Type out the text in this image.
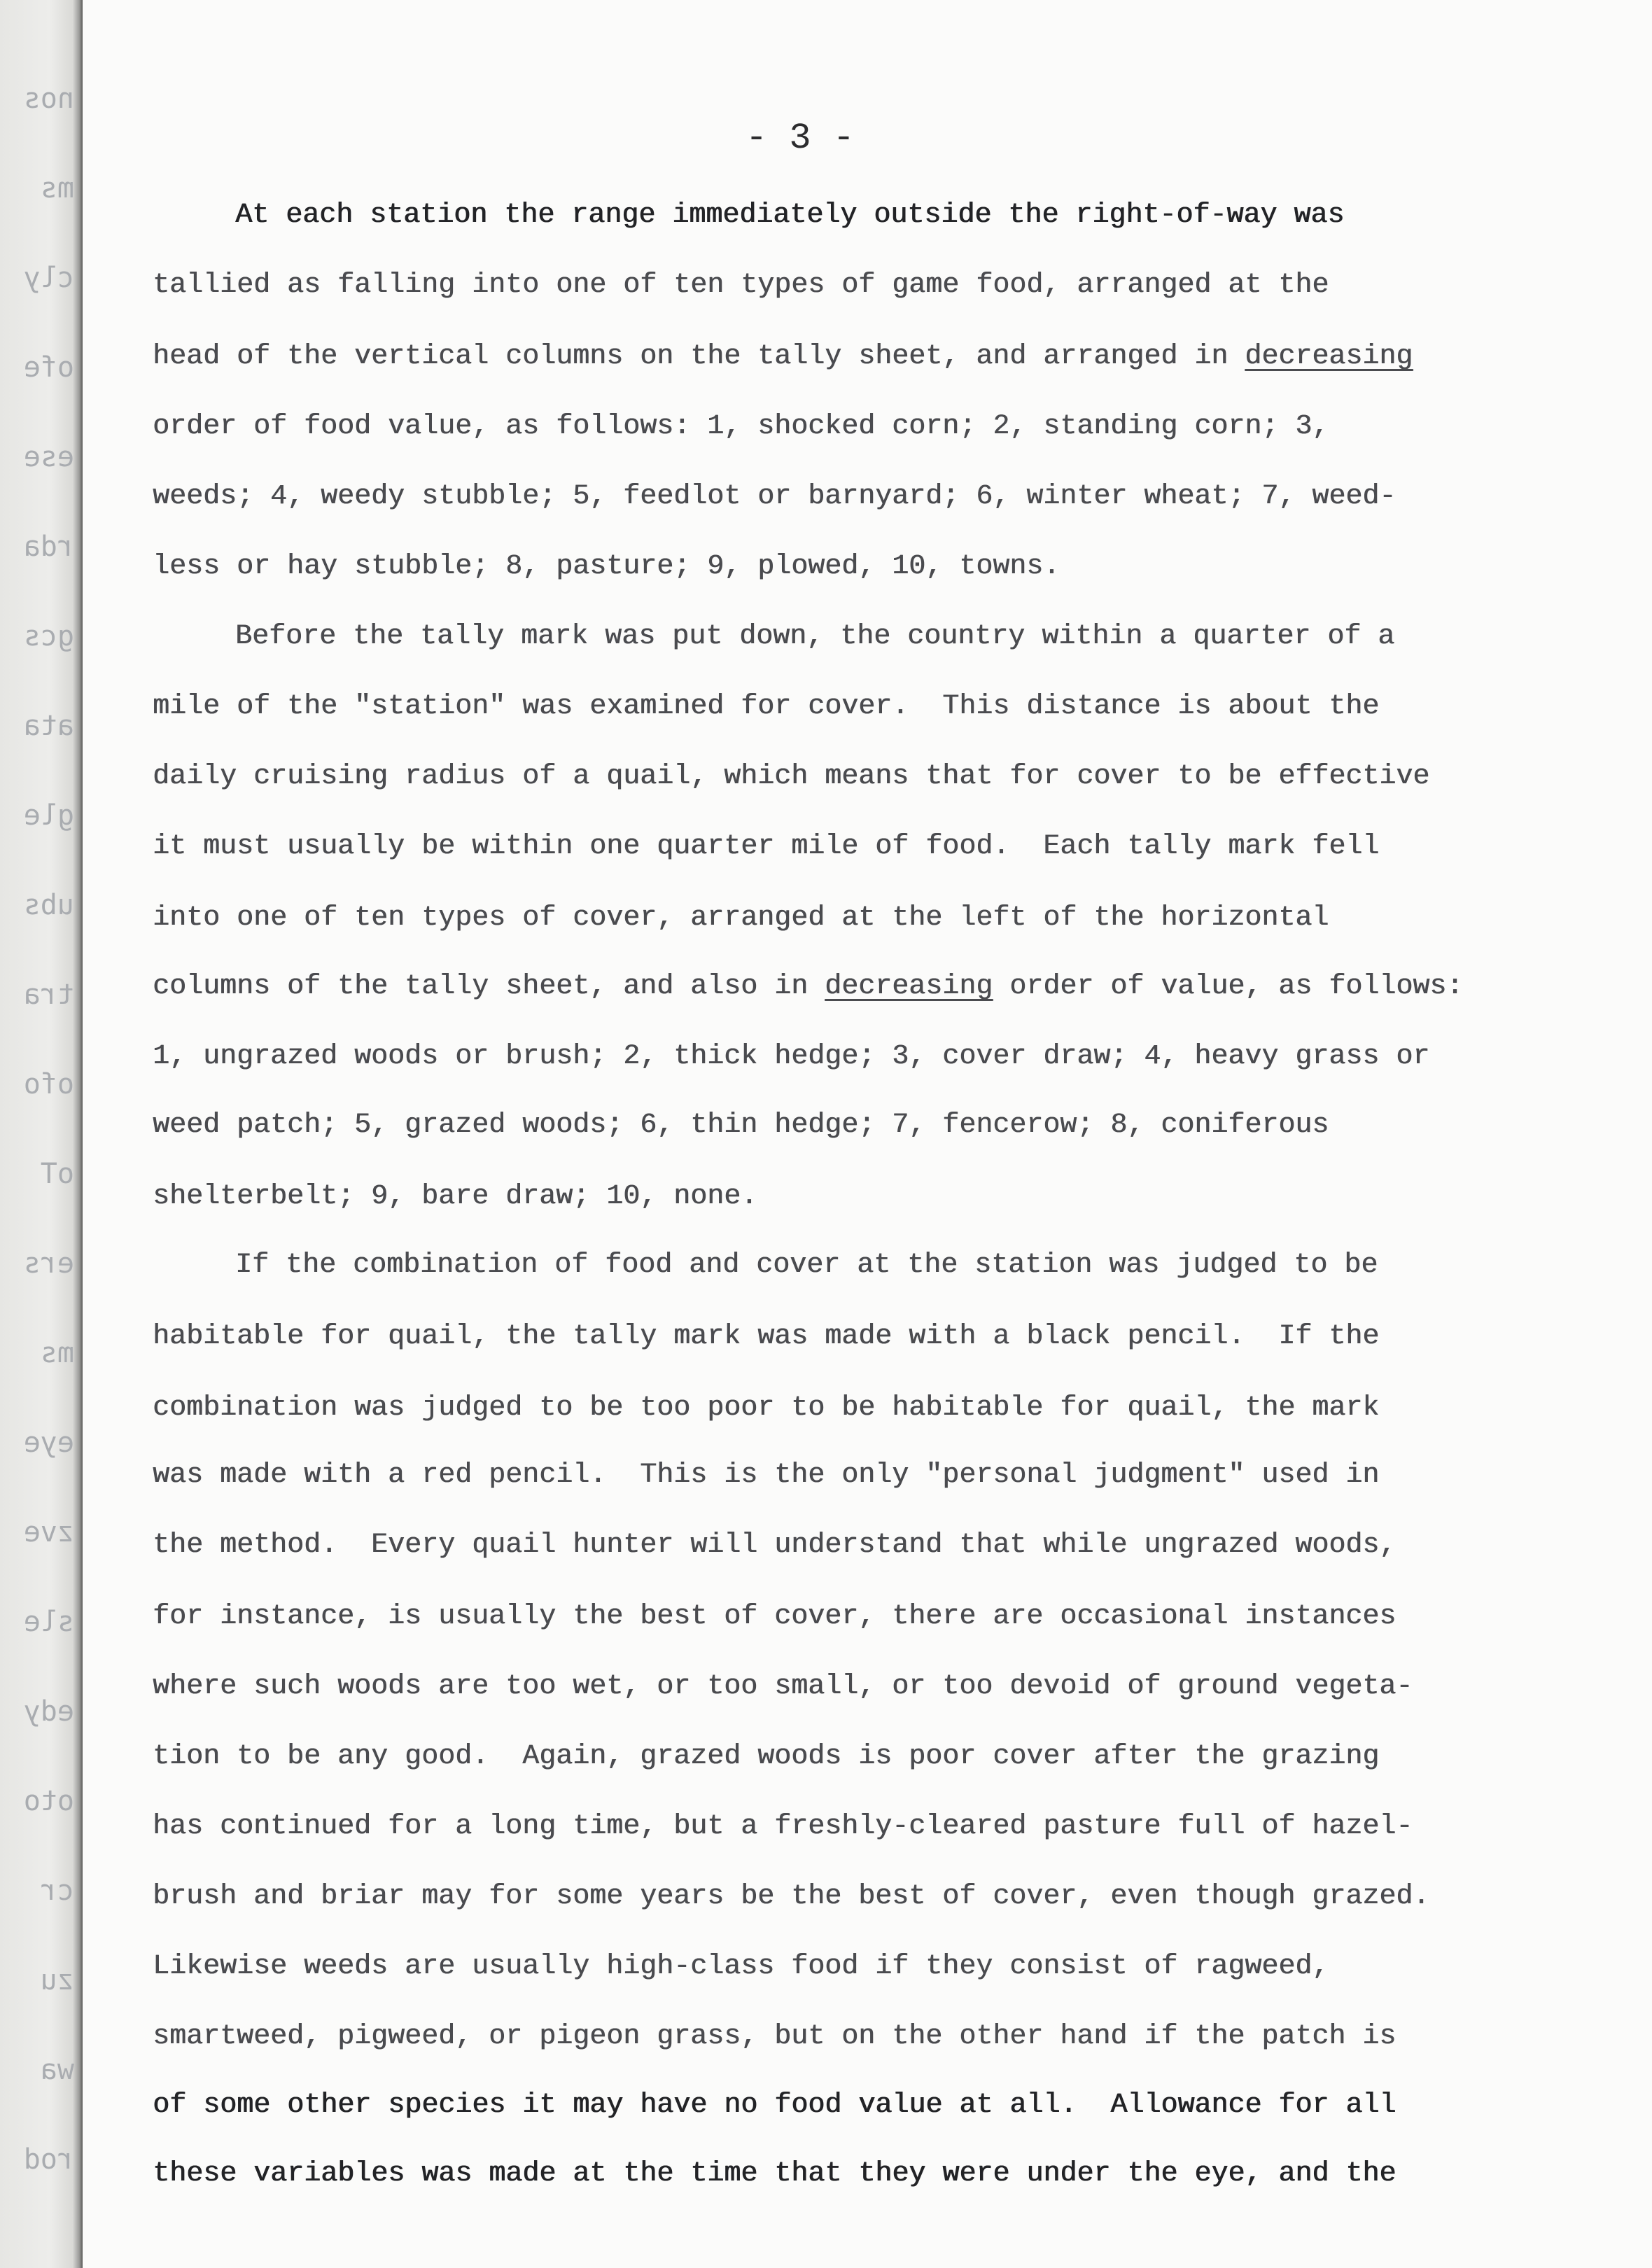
nos
ms
cly
ofe
ese
rda
gcs
ata
gle
ubs
tra
ofo
oT
ers
ms
eye
zve
sle
edy
oto
cr
zu
wa
rod
- 3 -
At each station the range immediately outside the right-of-way was
tallied as falling into one of ten types of game food, arranged at the
head of the vertical columns on the tally sheet, and arranged in decreasing
order of food value, as follows: 1, shocked corn; 2, standing corn; 3,
weeds; 4, weedy stubble; 5, feedlot or barnyard; 6, winter wheat; 7, weed-
less or hay stubble; 8, pasture; 9, plowed, 10, towns.
Before the tally mark was put down, the country within a quarter of a
mile of the "station" was examined for cover.  This distance is about the
daily cruising radius of a quail, which means that for cover to be effective
it must usually be within one quarter mile of food.  Each tally mark fell
into one of ten types of cover, arranged at the left of the horizontal
columns of the tally sheet, and also in decreasing order of value, as follows:
1, ungrazed woods or brush; 2, thick hedge; 3, cover draw; 4, heavy grass or
weed patch; 5, grazed woods; 6, thin hedge; 7, fencerow; 8, coniferous
shelterbelt; 9, bare draw; 10, none.
If the combination of food and cover at the station was judged to be
habitable for quail, the tally mark was made with a black pencil.  If the
combination was judged to be too poor to be habitable for quail, the mark
was made with a red pencil.  This is the only "personal judgment" used in
the method.  Every quail hunter will understand that while ungrazed woods,
for instance, is usually the best of cover, there are occasional instances
where such woods are too wet, or too small, or too devoid of ground vegeta-
tion to be any good.  Again, grazed woods is poor cover after the grazing
has continued for a long time, but a freshly-cleared pasture full of hazel-
brush and briar may for some years be the best of cover, even though grazed.
Likewise weeds are usually high-class food if they consist of ragweed,
smartweed, pigweed, or pigeon grass, but on the other hand if the patch is
of some other species it may have no food value at all.  Allowance for all
these variables was made at the time that they were under the eye, and the
